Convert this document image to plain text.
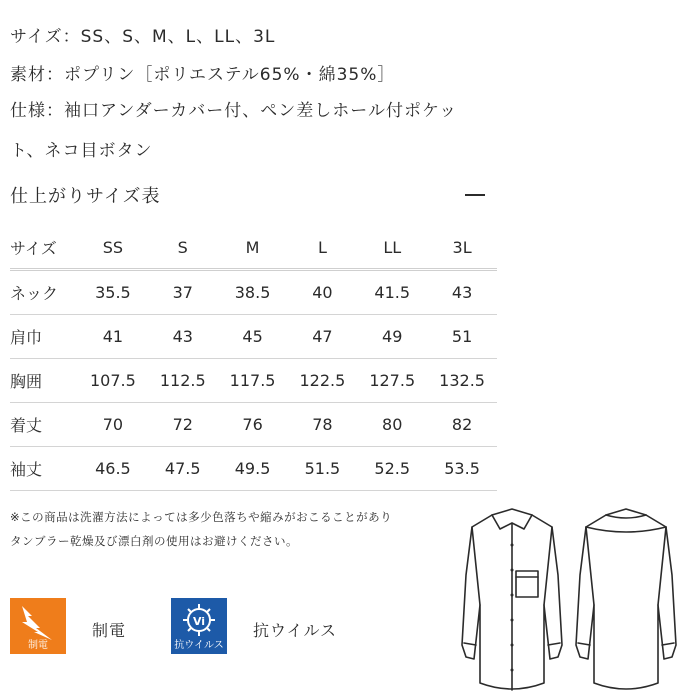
サイズ：SS、S、M、L、LL、3L
素材：ポプリン［ポリエステル65%・綿35%］
仕様：袖口アンダーカバー付、ペン差しホール付ポケッ
ト、ネコ目ボタン
仕上がりサイズ表
サイズ	SS	S	M	L	LL	3L
ネック	35.5	37	38.5	40	41.5	43
肩巾	41	43	45	47	49	51
胸囲	107.5	112.5	117.5	122.5	127.5	132.5
着丈	70	72	76	78	80	82
袖丈	46.5	47.5	49.5	51.5	52.5	53.5
※この商品は洗濯方法によっては多少色落ちや縮みがおこることがあり
タンブラー乾燥及び漂白剤の使用はお避けください。
制電
制電	Vi
抗ウイルス
抗ウイルス
